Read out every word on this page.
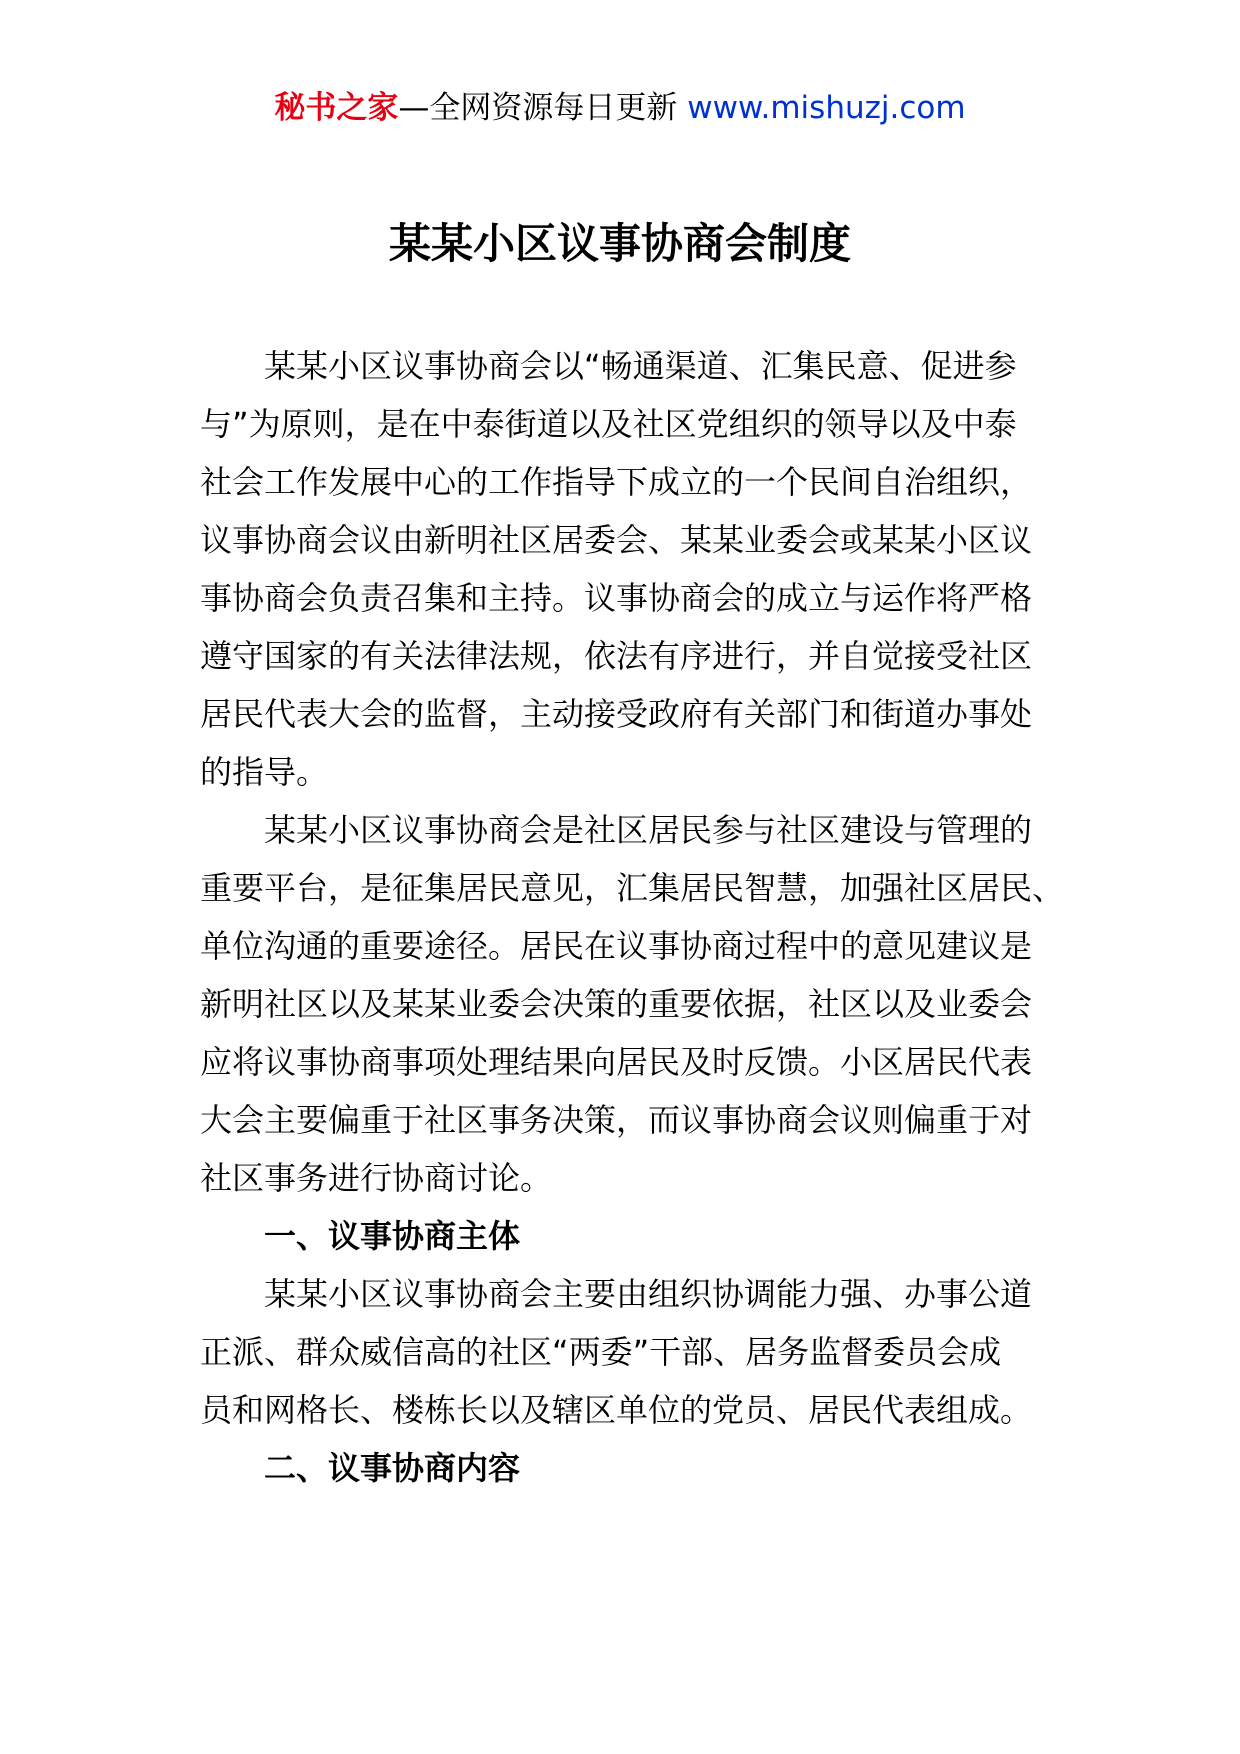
秘书之家—全网资源每日更新 www.mishuzj.com
某某小区议事协商会制度
某某小区议事协商会以“畅通渠道、汇集民意、促进参
与”为原则，是在中泰街道以及社区党组织的领导以及中泰
社会工作发展中心的工作指导下成立的一个民间自治组织，
议事协商会议由新明社区居委会、某某业委会或某某小区议
事协商会负责召集和主持。议事协商会的成立与运作将严格
遵守国家的有关法律法规，依法有序进行，并自觉接受社区
居民代表大会的监督，主动接受政府有关部门和街道办事处
的指导。
某某小区议事协商会是社区居民参与社区建设与管理的
重要平台，是征集居民意见，汇集居民智慧，加强社区居民、
单位沟通的重要途径。居民在议事协商过程中的意见建议是
新明社区以及某某业委会决策的重要依据，社区以及业委会
应将议事协商事项处理结果向居民及时反馈。小区居民代表
大会主要偏重于社区事务决策，而议事协商会议则偏重于对
社区事务进行协商讨论。
一、议事协商主体
某某小区议事协商会主要由组织协调能力强、办事公道
正派、群众威信高的社区“两委”干部、居务监督委员会成
员和网格长、楼栋长以及辖区单位的党员、居民代表组成。
二、议事协商内容
